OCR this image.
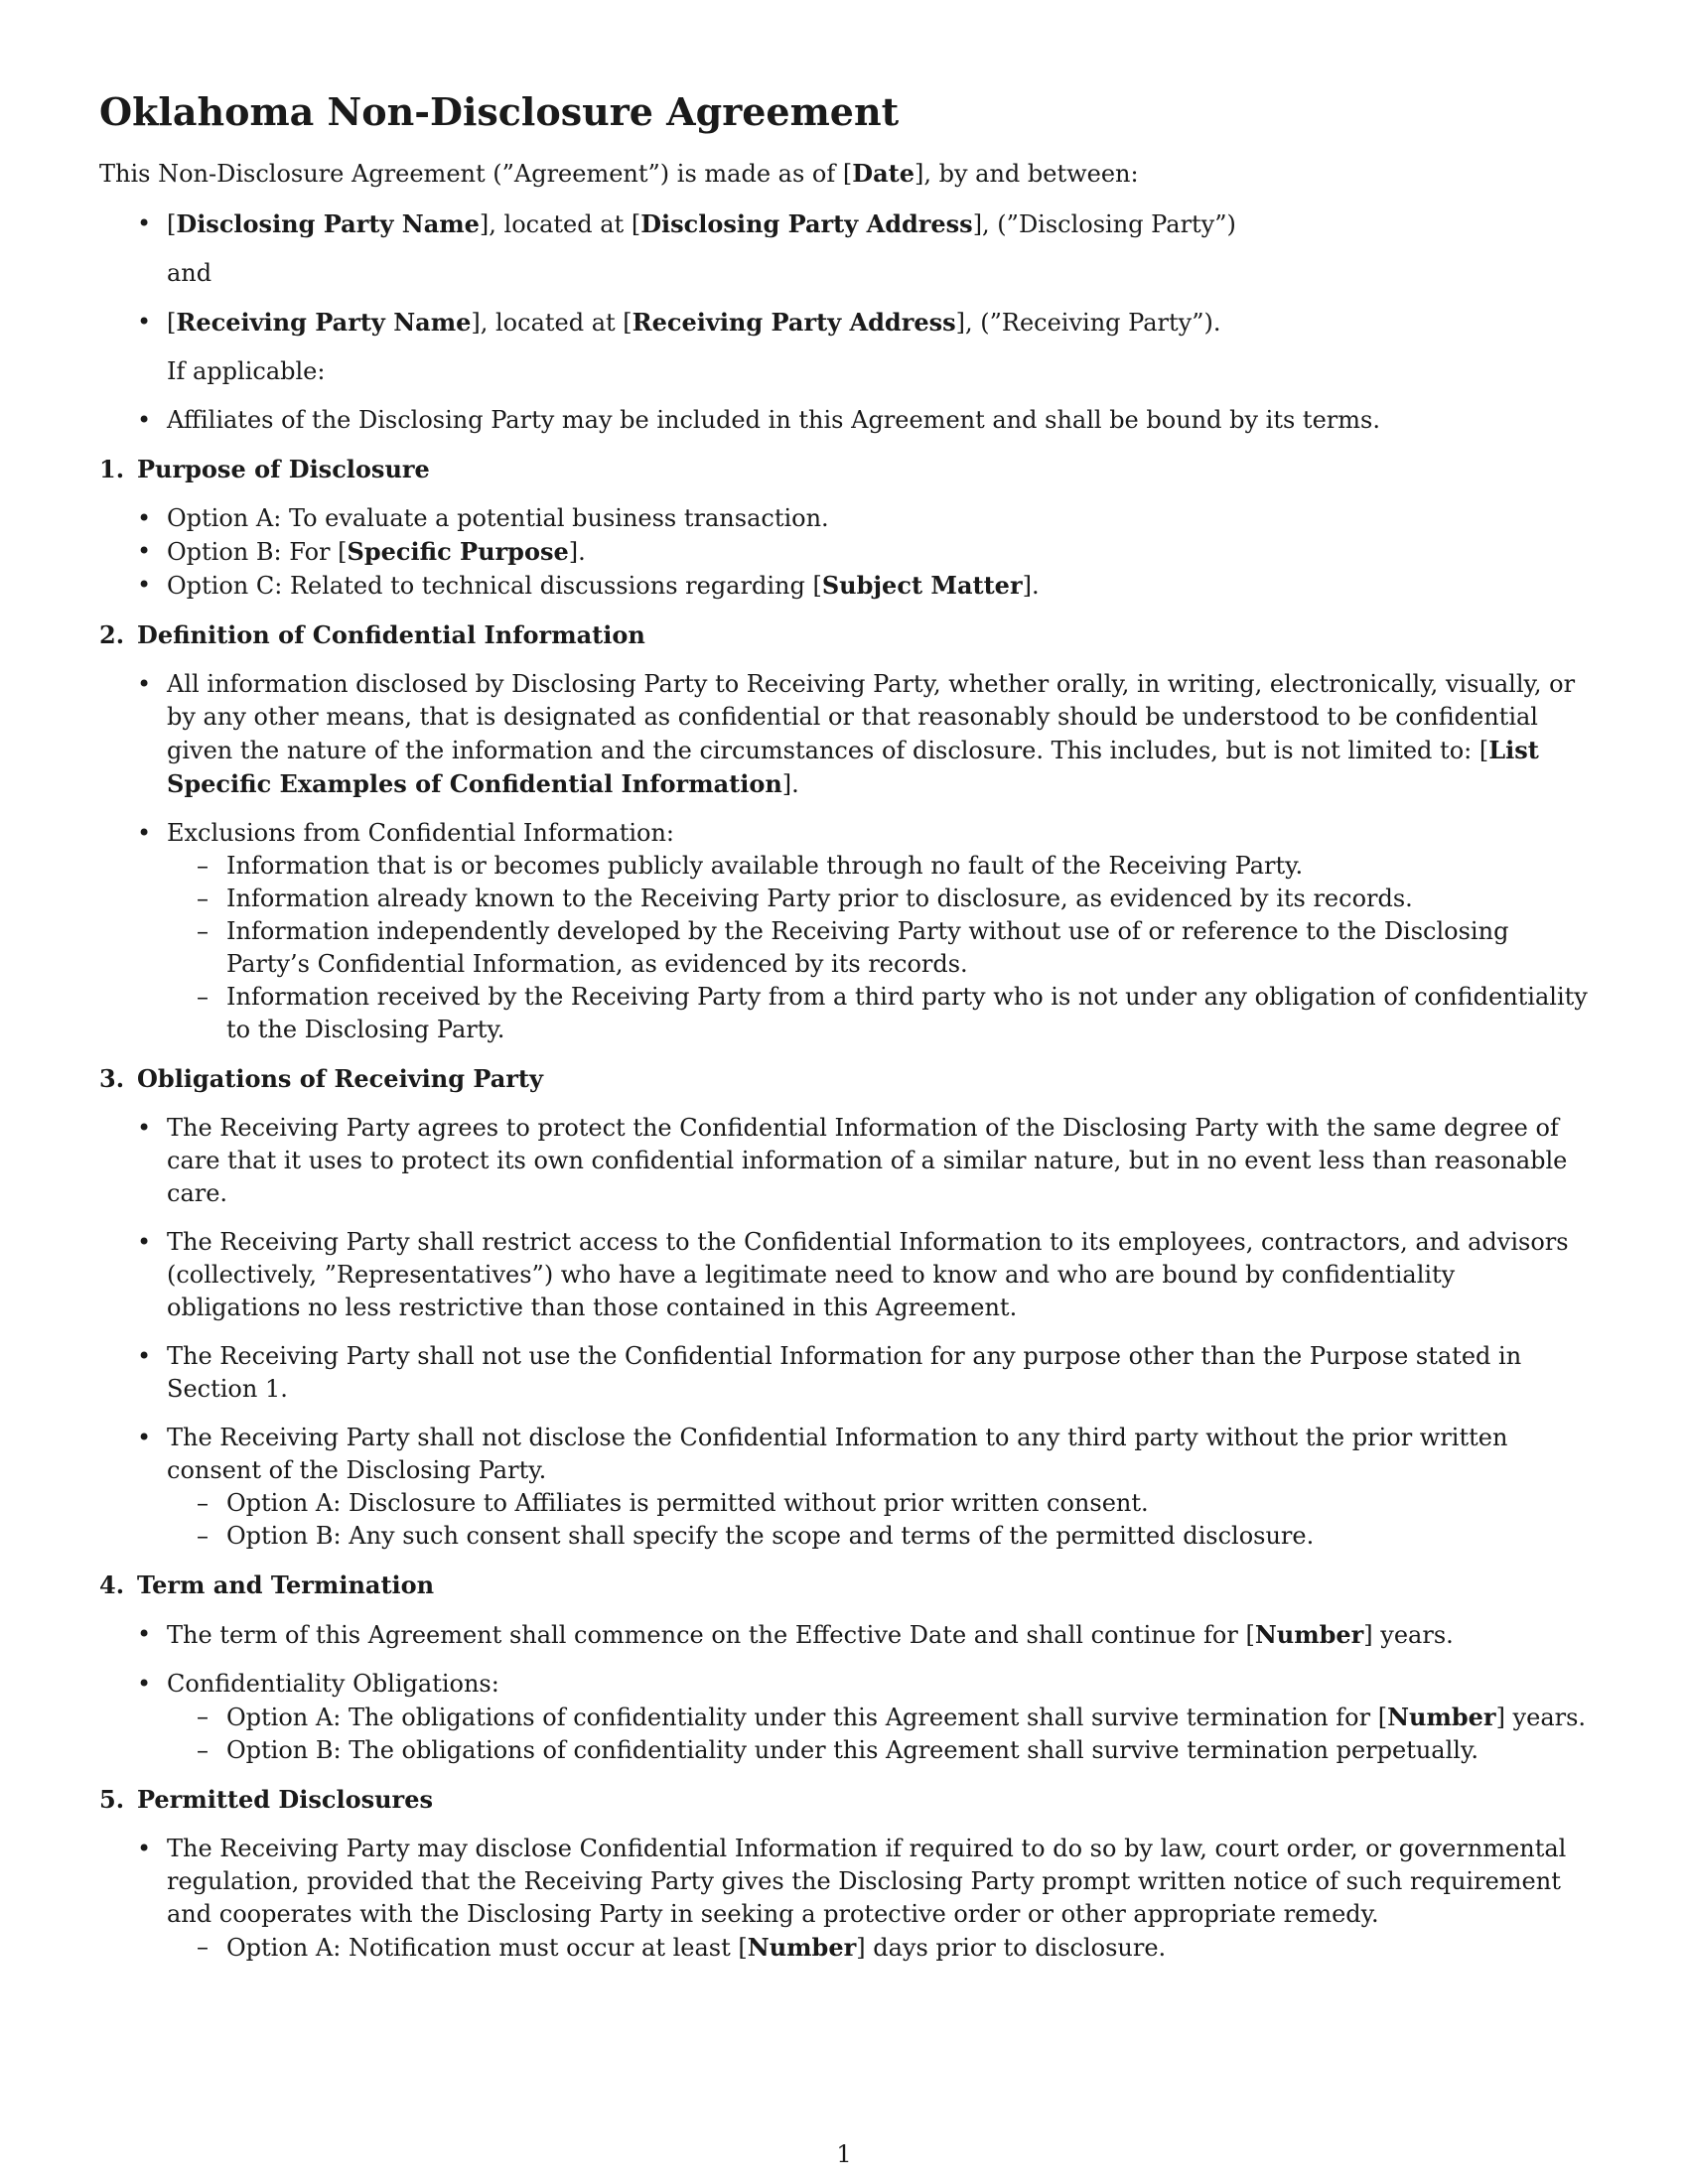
Oklahoma Non-Disclosure Agreement

This Non-Disclosure Agreement (”Agreement”) is made as of [Date], by and between:

• [Disclosing Party Name], located at [Disclosing Party Address], (”Disclosing Party”)

and

• [Receiving Party Name], located at [Receiving Party Address], (”Receiving Party”).

If applicable:

• Affiliates of the Disclosing Party may be included in this Agreement and shall be bound by its terms.
1. Purpose of Disclosure
• Option A: To evaluate a potential business transaction.
• Option B: For [Specific Purpose].
• Option C: Related to technical discussions regarding [Subject Matter].
2. Definition of Confidential Information
• All information disclosed by Disclosing Party to Receiving Party, whether orally, in writing, electronically, visually, or by any other means, that is designated as confidential or that reasonably should be understood to be confidential given the nature of the information and the circumstances of disclosure. This includes, but is not limited to: [List Specific Examples of Confidential Information].
• Exclusions from Confidential Information:
– Information that is or becomes publicly available through no fault of the Receiving Party.
– Information already known to the Receiving Party prior to disclosure, as evidenced by its records.
– Information independently developed by the Receiving Party without use of or reference to the Disclosing Party’s Confidential Information, as evidenced by its records.
– Information received by the Receiving Party from a third party who is not under any obligation of confidentiality to the Disclosing Party.
3. Obligations of Receiving Party
• The Receiving Party agrees to protect the Confidential Information of the Disclosing Party with the same degree of care that it uses to protect its own confidential information of a similar nature, but in no event less than reasonable care.
• The Receiving Party shall restrict access to the Confidential Information to its employees, contractors, and advisors (collectively, ”Representatives”) who have a legitimate need to know and who are bound by confidentiality obligations no less restrictive than those contained in this Agreement.
• The Receiving Party shall not use the Confidential Information for any purpose other than the Purpose stated in Section 1.
• The Receiving Party shall not disclose the Confidential Information to any third party without the prior written consent of the Disclosing Party.
– Option A: Disclosure to Affiliates is permitted without prior written consent.
– Option B: Any such consent shall specify the scope and terms of the permitted disclosure.
4. Term and Termination
• The term of this Agreement shall commence on the Effective Date and shall continue for [Number] years.
• Confidentiality Obligations:
– Option A: The obligations of confidentiality under this Agreement shall survive termination for [Number] years.
– Option B: The obligations of confidentiality under this Agreement shall survive termination perpetually.
5. Permitted Disclosures
• The Receiving Party may disclose Confidential Information if required to do so by law, court order, or governmental regulation, provided that the Receiving Party gives the Disclosing Party prompt written notice of such requirement and cooperates with the Disclosing Party in seeking a protective order or other appropriate remedy.
– Option A: Notification must occur at least [Number] days prior to disclosure.
1
